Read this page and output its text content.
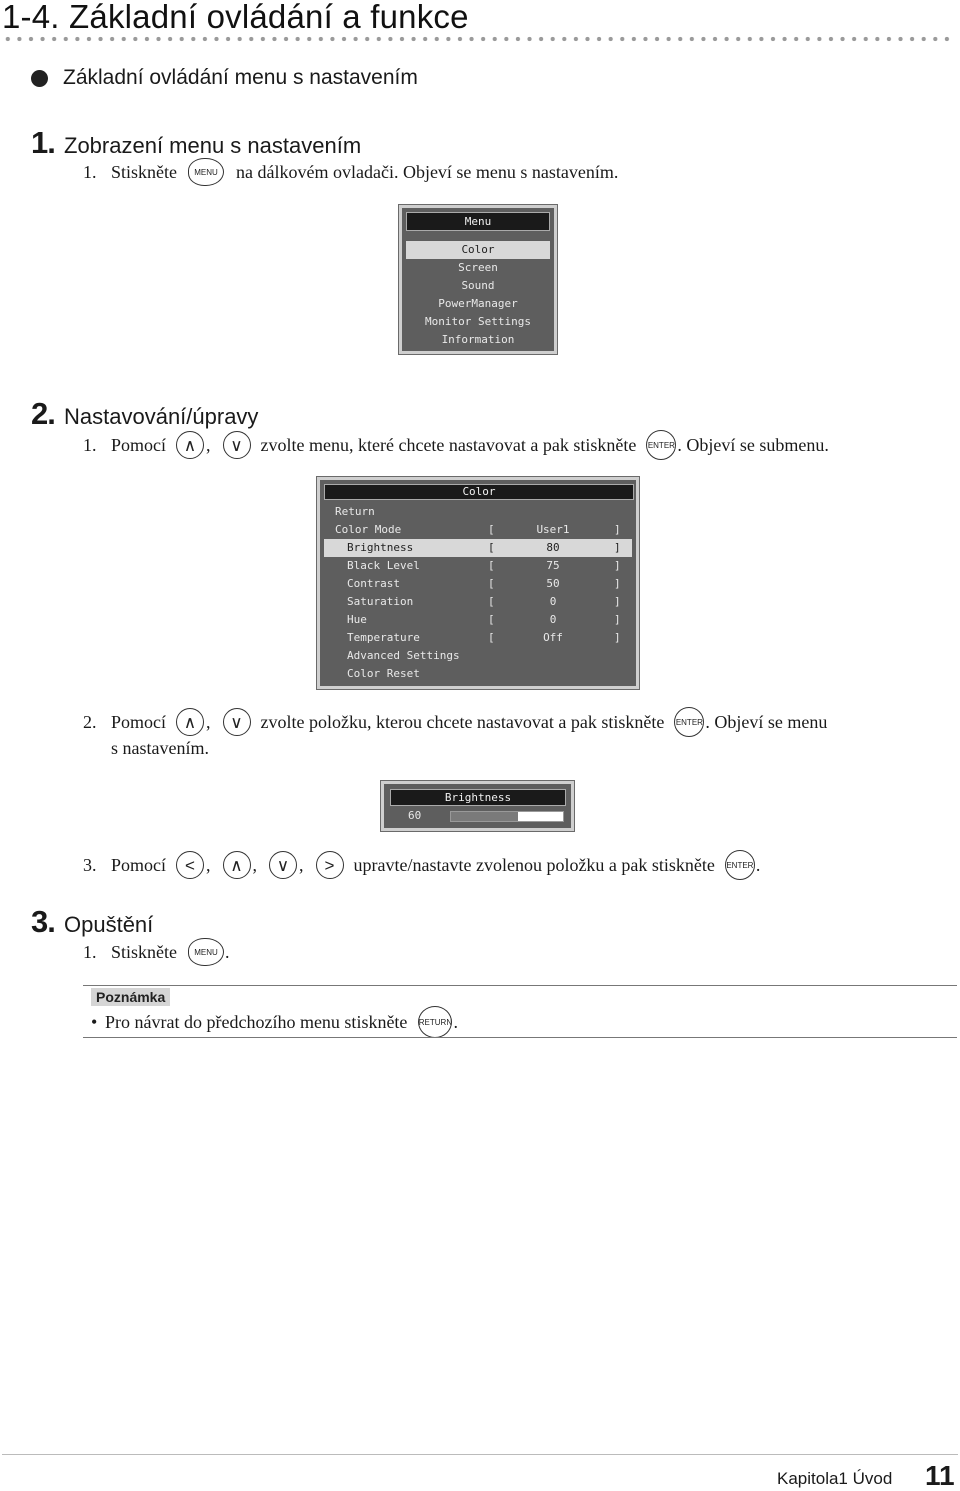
1-4. Základní ovládání a funkce
Základní ovládání menu s nastavením
1. Zobrazení menu s nastavením
1. Stiskněte	MENU	na dálkovém ovladači. Objeví se menu s nastavením.
Menu
Color
Screen
Sound
PowerManager
Monitor Settings
Information
2. Nastavování/úpravy
1. Pomocí ∧ , ∨ zvolte menu, které chcete nastavovat a pak stiskněte ENTER . Objeví se submenu.
Color
Return
Color Mode	[	User1	]
Brightness	[	80	]
Black Level	[	75	]
Contrast	[	50	]
Saturation	[	0	]
Hue	[	0	]
Temperature	[	Off	]
Advanced Settings
Color Reset
2. Pomocí ∧ , ∨ zvolte položku, kterou chcete nastavovat a pak stiskněte ENTER . Objeví se menu
s nastavením.
Brightness
60
3. Pomocí < , ∧ , ∨ , > upravte/nastavte zvolenou položku a pak stiskněte ENTER .
3. Opuštění
1. Stiskněte	MENU .
Poznámka
• Pro návrat do předchozího menu stiskněte RETURN .
Kapitola1 Úvod 11
